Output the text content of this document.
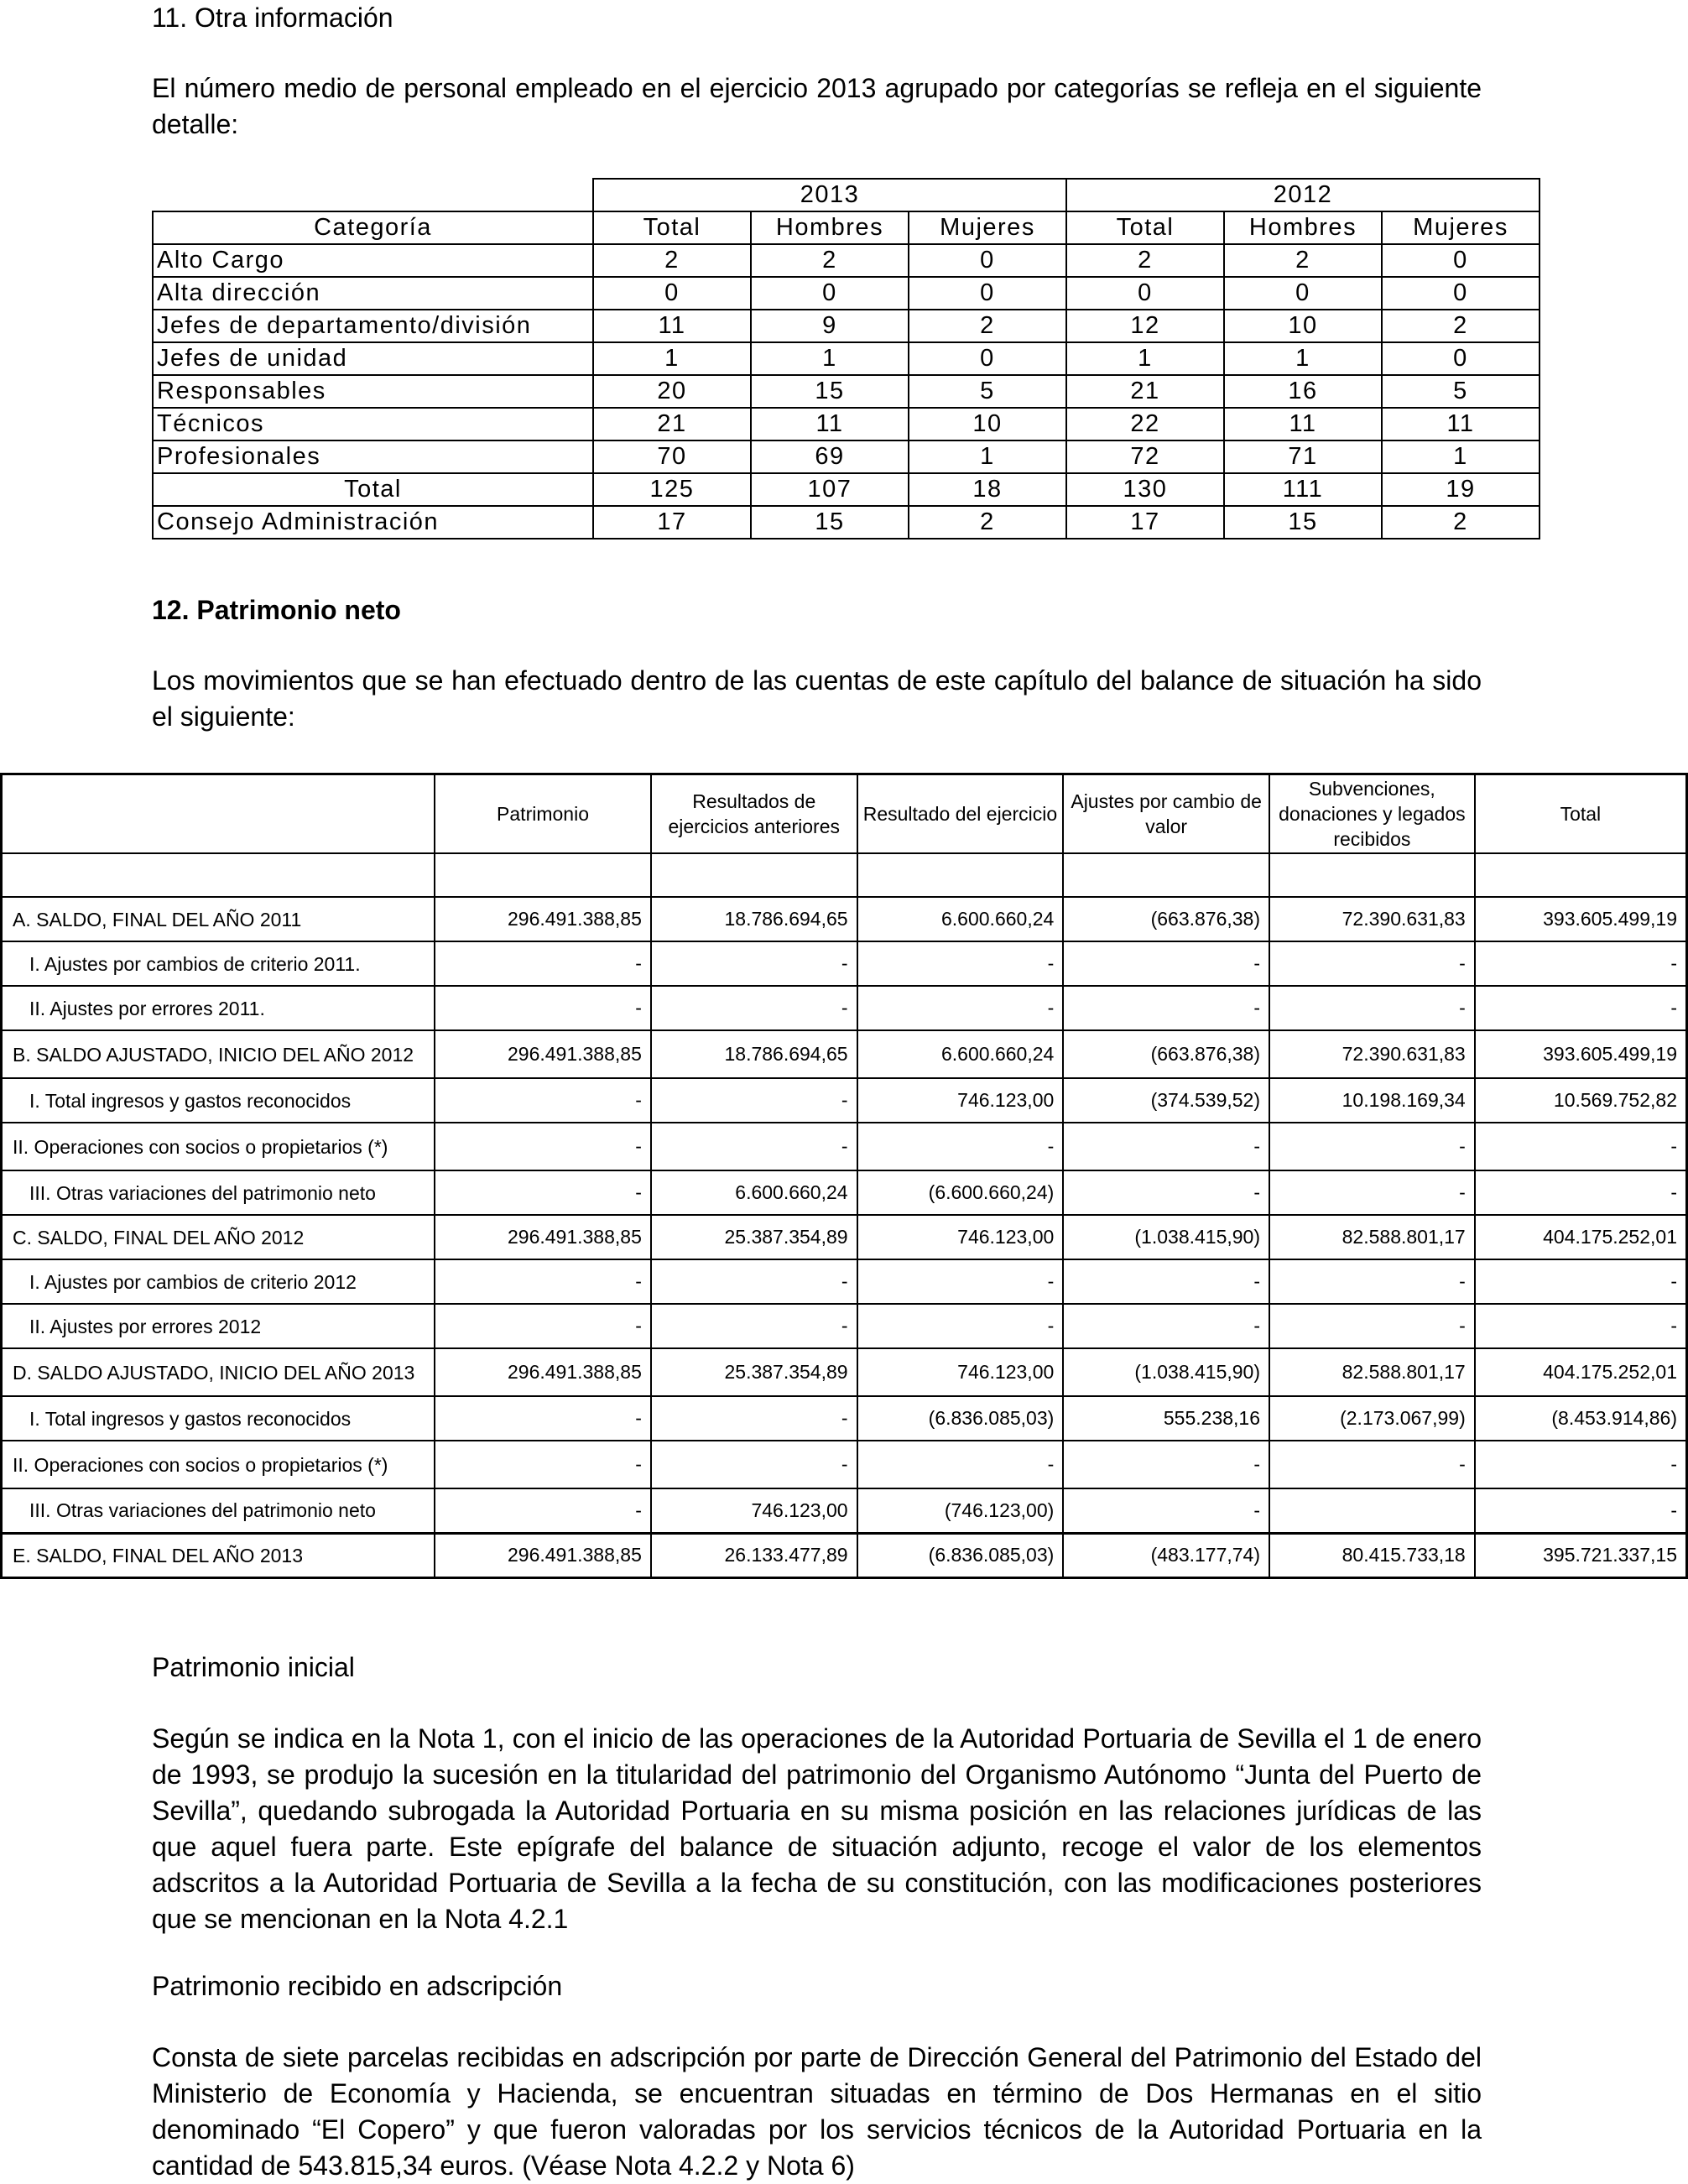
11. Otra información

El número medio de personal empleado en el ejercicio 2013 agrupado por categorías se refleja en el siguiente detalle:

	2013			2012		
Categoría	Total	Hombres	Mujeres	Total	Hombres	Mujeres
Alto Cargo	2	2	0	2	2	0
Alta dirección	0	0	0	0	0	0
Jefes de departamento/división	11	9	2	12	10	2
Jefes de unidad	1	1	0	1	1	0
Responsables	20	15	5	21	16	5
Técnicos	21	11	10	22	11	11
Profesionales	70	69	1	72	71	1
Total	125	107	18	130	111	19
Consejo Administración	17	15	2	17	15	2

12. Patrimonio neto

Los movimientos que se han efectuado dentro de las cuentas de este capítulo del balance de situación ha sido el siguiente:

	Patrimonio	Resultados de ejercicios anteriores	Resultado del ejercicio	Ajustes por cambio de valor	Subvenciones, donaciones y legados recibidos	Total

A. SALDO, FINAL DEL AÑO 2011	296.491.388,85	18.786.694,65	6.600.660,24	(663.876,38)	72.390.631,83	393.605.499,19
I. Ajustes por cambios de criterio 2011.	-	-	-	-	-	-
II. Ajustes por errores 2011.	-	-	-	-	-	-
B. SALDO AJUSTADO, INICIO DEL AÑO 2012	296.491.388,85	18.786.694,65	6.600.660,24	(663.876,38)	72.390.631,83	393.605.499,19
I. Total ingresos y gastos reconocidos	-	-	746.123,00	(374.539,52)	10.198.169,34	10.569.752,82
II. Operaciones con socios o propietarios (*)	-	-	-	-	-	-
III. Otras variaciones del patrimonio neto	-	6.600.660,24	(6.600.660,24)	-	-	-
C. SALDO, FINAL DEL AÑO 2012	296.491.388,85	25.387.354,89	746.123,00	(1.038.415,90)	82.588.801,17	404.175.252,01
I. Ajustes por cambios de criterio 2012	-	-	-	-	-	-
II. Ajustes por errores 2012	-	-	-	-	-	-
D. SALDO AJUSTADO, INICIO DEL AÑO 2013	296.491.388,85	25.387.354,89	746.123,00	(1.038.415,90)	82.588.801,17	404.175.252,01
I. Total ingresos y gastos reconocidos	-	-	(6.836.085,03)	555.238,16	(2.173.067,99)	(8.453.914,86)
II. Operaciones con socios o propietarios (*)	-	-	-	-	-	-
III. Otras variaciones del patrimonio neto	-	746.123,00	(746.123,00)	-		-
E. SALDO, FINAL DEL AÑO 2013	296.491.388,85	26.133.477,89	(6.836.085,03)	(483.177,74)	80.415.733,18	395.721.337,15

Patrimonio inicial

Según se indica en la Nota 1, con el inicio de las operaciones de la Autoridad Portuaria de Sevilla el 1 de enero de 1993, se produjo la sucesión en la titularidad del patrimonio del Organismo Autónomo “Junta del Puerto de Sevilla”, quedando subrogada la Autoridad Portuaria en su misma posición en las relaciones jurídicas de las que aquel fuera parte. Este epígrafe del balance de situación adjunto, recoge el valor de los elementos adscritos a la Autoridad Portuaria de Sevilla a la fecha de su constitución, con las modificaciones posteriores que se mencionan en la Nota 4.2.1

Patrimonio recibido en adscripción

Consta de siete parcelas recibidas en adscripción por parte de Dirección General del Patrimonio del Estado del Ministerio de Economía y Hacienda, se encuentran situadas en término de Dos Hermanas en el sitio denominado “El Copero” y que fueron valoradas por los servicios técnicos de la Autoridad Portuaria en la cantidad de 543.815,34 euros. (Véase Nota 4.2.2 y Nota 6)
